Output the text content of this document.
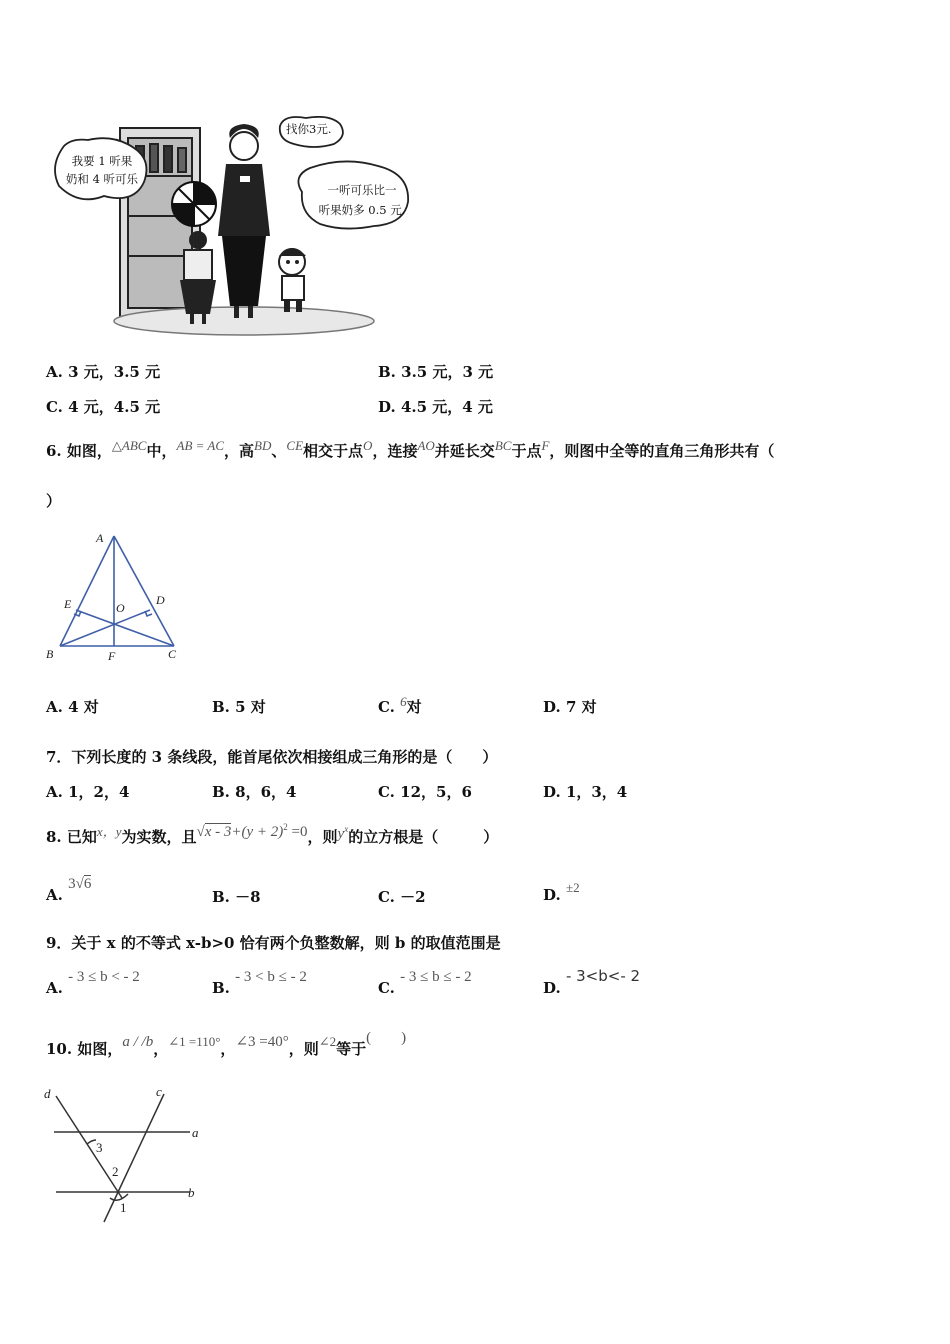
我要 1 听果
奶和 4 听可乐
找你3元.
一听可乐比一
听果奶多 0.5 元.
A. 3 元，3.5 元	B. 3.5 元，3 元
C. 4 元，4.5 元	D. 4.5 元，4 元
6. 如图，△ABC中，AB = AC，高BD、CE相交于点O，连接AO并延长交BC于点F，则图中全等的直角三角形共有（
）
A
B	C
D
E
F
O
A. 4 对	B. 5 对	C. 6对	D. 7 对
7．下列长度的 3 条线段，能首尾依次相接组成三角形的是（　　）
A. 1，2，4	B. 8，6，4	C. 12，5，6	D. 1，3，4
8. 已知x，y为实数，且$√x - 3+(y + 2)^2 =0$，则$y^x$的立方根是（　　　）
A. 3√6
B. －8	C. －2	D. ±2
9．关于 x 的不等式 x-b>0 恰有两个负整数解，则 b 的取值范围是
A. - 3 ≤ b < - 2
B. - 3 < b ≤ - 2
C. - 3 ≤ b ≤ - 2
D. - 3<b<- 2
10. 如图，a / /b，∠1 =110°，∠3 =40°，则∠2等于(　　)
d	c
a
b
3
2
1
